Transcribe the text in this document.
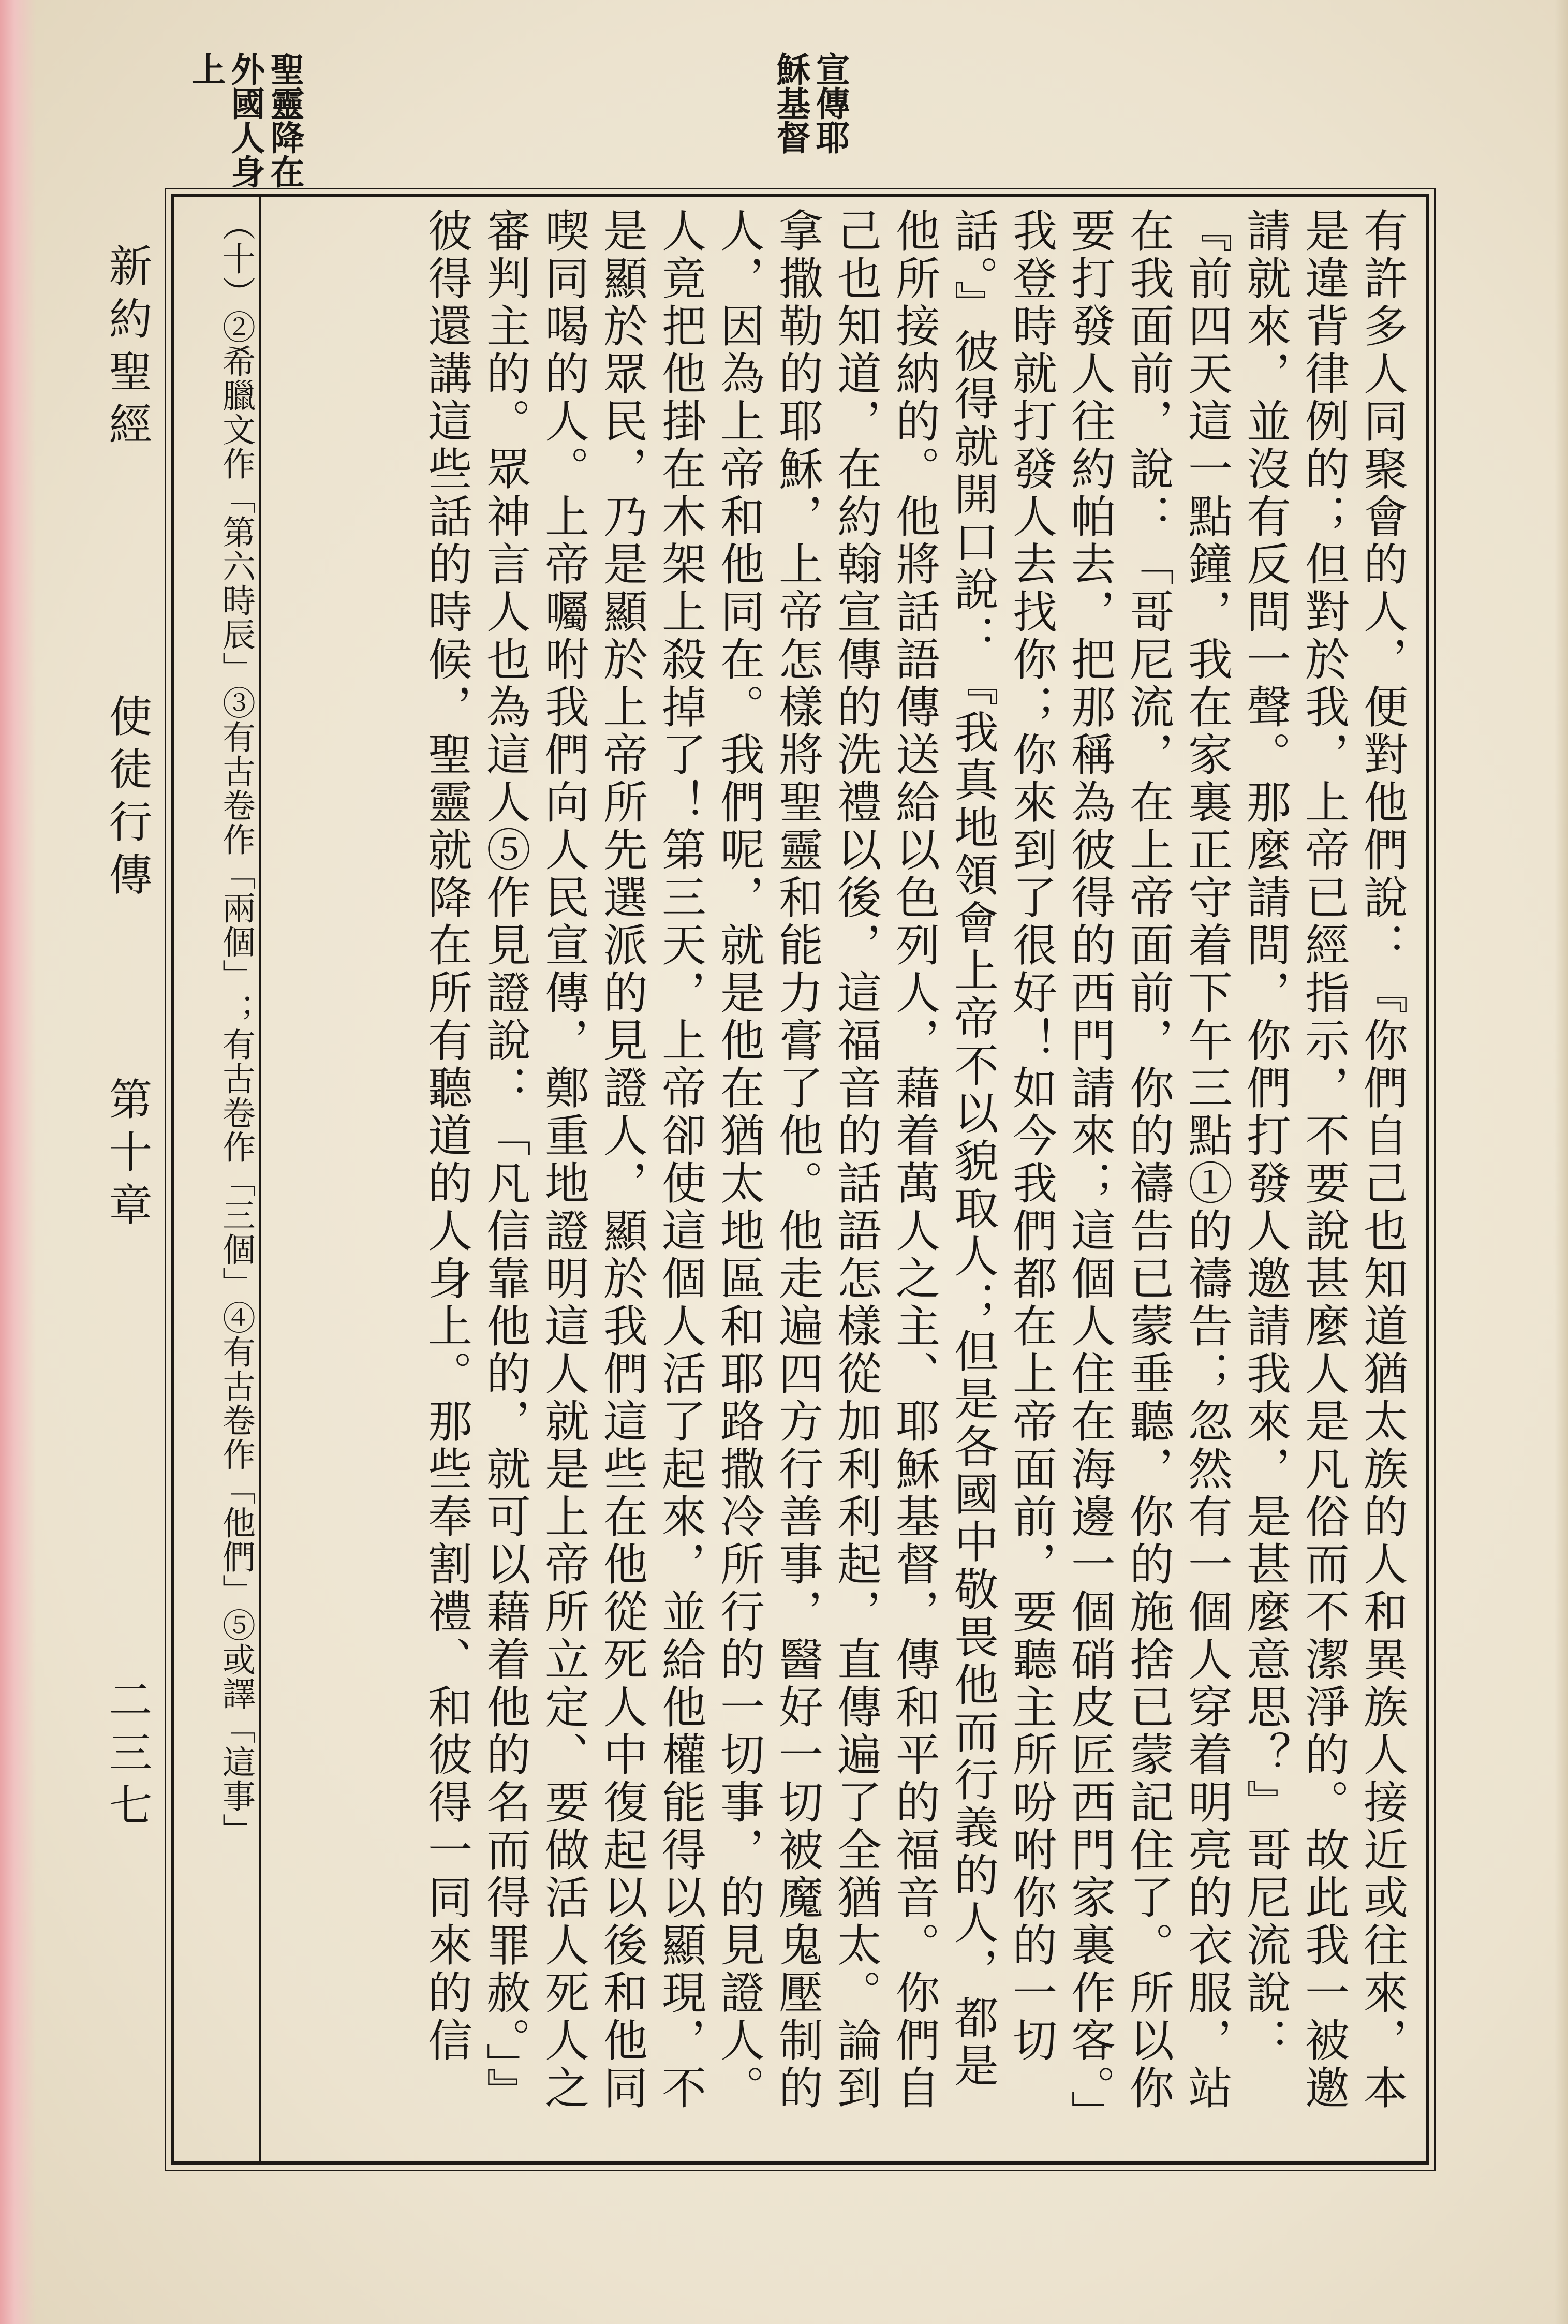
聖靈降在外國人身上	宣傳耶穌基督
新約聖經
使徒行傳
第十章
二三七	（十）②希臘文作「第六時辰」③有古卷作「兩個」；有古卷作「三個」④有古卷作「他們」⑤或譯「這事」	有許多人同聚會的人，便對他們說：『你們自己也知道猶太族的人和異族人接近或往來，本是違背律例的；但對於我，上帝已經指示，不要說甚麼人是凡俗而不潔淨的。故此我一被邀請就來，並沒有反問一聲。那麼請問，你們打發人邀請我來，是甚麼意思？』哥尼流說：『前四天這一點鐘，我在家裏正守着下午三點①的禱告；忽然有一個人穿着明亮的衣服，站在我面前，說：「哥尼流，在上帝面前，你的禱告已蒙垂聽，你的施捨已蒙記住了。所以你要打發人往約帕去，把那稱為彼得的西門請來；這個人住在海邊一個硝皮匠西門家裏作客。」我登時就打發人去找你；你來到了很好！如今我們都在上帝面前，要聽主所吩咐你的一切話。』彼得就開口說：『我真地領會上帝不以貌取人；但是各國中敬畏他而行義的人，都是他所接納的。他將話語傳送給以色列人，藉着萬人之主、耶穌基督，傳和平的福音。你們自己也知道，在約翰宣傳的洗禮以後，這福音的話語怎樣從加利利起，直傳遍了全猶太。論到拿撒勒的耶穌，上帝怎樣將聖靈和能力膏了他。他走遍四方行善事，醫好一切被魔鬼壓制的人，因為上帝和他同在。我們呢，就是他在猶太地區和耶路撒冷所行的一切事，的見證人。人竟把他掛在木架上殺掉了！第三天，上帝卻使這個人活了起來，並給他權能得以顯現，不是顯於眾民，乃是顯於上帝所先選派的見證人，顯於我們這些在他從死人中復起以後和他同喫同喝的人。上帝囑咐我們向人民宣傳，鄭重地證明這人就是上帝所立定、要做活人死人之審判主的。眾神言人也為這人⑤作見證說：「凡信靠他的，就可以藉着他的名而得罪赦。」』彼得還講這些話的時候，聖靈就降在所有聽道的人身上。那些奉割禮、和彼得一同來的信
